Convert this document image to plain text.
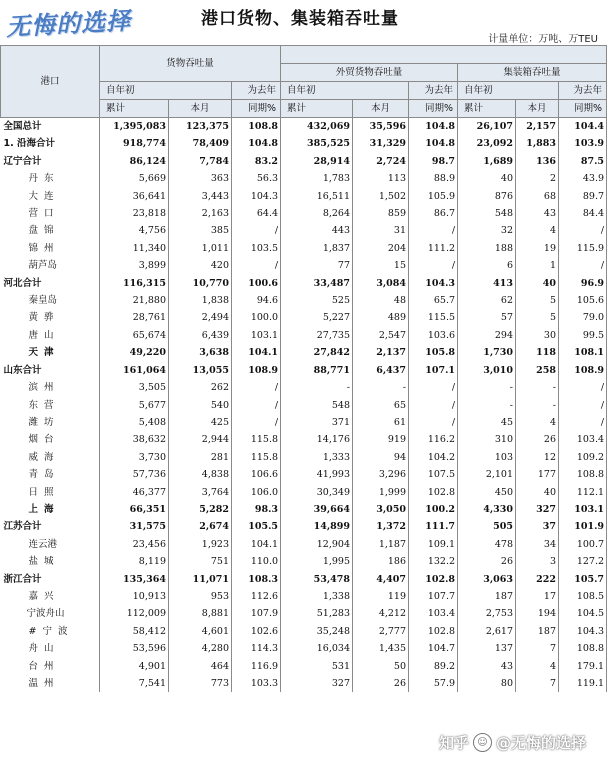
无悔的选择	港口货物、集装箱吞吐量
计量单位：万吨、万TEU
港口	货物吞吐量								
				外贸货物吞吐量			集装箱吞吐量		
	自年初		为去年	自年初		为去年	自年初		为去年
	累计	本月	同期%	累计	本月	同期%	累计	本月	同期%
全国总计	1,395,083	123,375	108.8	432,069	35,596	104.8	26,107	2,157	104.4
1. 沿海合计	918,774	78,409	104.8	385,525	31,329	104.8	23,092	1,883	103.9
辽宁合计	86,124	7,784	83.2	28,914	2,724	98.7	1,689	136	87.5
丹东	5,669	363	56.3	1,783	113	88.9	40	2	43.9
大连	36,641	3,443	104.3	16,511	1,502	105.9	876	68	89.7
营口	23,818	2,163	64.4	8,264	859	86.7	548	43	84.4
盘锦	4,756	385	/	443	31	/	32	4	/
锦州	11,340	1,011	103.5	1,837	204	111.2	188	19	115.9
葫芦岛	3,899	420	/	77	15	/	6	1	/
河北合计	116,315	10,770	100.6	33,487	3,084	104.3	413	40	96.9
秦皇岛	21,880	1,838	94.6	525	48	65.7	62	5	105.6
黄骅	28,761	2,494	100.0	5,227	489	115.5	57	5	79.0
唐山	65,674	6,439	103.1	27,735	2,547	103.6	294	30	99.5
天津	49,220	3,638	104.1	27,842	2,137	105.8	1,730	118	108.1
山东合计	161,064	13,055	108.9	88,771	6,437	107.1	3,010	258	108.9
滨州	3,505	262	/	-	-	/	-	-	/
东营	5,677	540	/	548	65	/	-	-	/
潍坊	5,408	425	/	371	61	/	45	4	/
烟台	38,632	2,944	115.8	14,176	919	116.2	310	26	103.4
威海	3,730	281	115.8	1,333	94	104.2	103	12	109.2
青岛	57,736	4,838	106.6	41,993	3,296	107.5	2,101	177	108.8
日照	46,377	3,764	106.0	30,349	1,999	102.8	450	40	112.1
上海	66,351	5,282	98.3	39,664	3,050	100.2	4,330	327	103.1
江苏合计	31,575	2,674	105.5	14,899	1,372	111.7	505	37	101.9
连云港	23,456	1,923	104.1	12,904	1,187	109.1	478	34	100.7
盐城	8,119	751	110.0	1,995	186	132.2	26	3	127.2
浙江合计	135,364	11,071	108.3	53,478	4,407	102.8	3,063	222	105.7
嘉兴	10,913	953	112.6	1,338	119	107.7	187	17	108.5
宁波舟山	112,009	8,881	107.9	51,283	4,212	103.4	2,753	194	104.5
#宁波	58,412	4,601	102.6	35,248	2,777	102.8	2,617	187	104.3
舟山	53,596	4,280	114.3	16,034	1,435	104.7	137	7	108.8
台州	4,901	464	116.9	531	50	89.2	43	4	179.1
温州	7,541	773	103.3	327	26	57.9	80	7	119.1
知乎 ☺ @无悔的选择
